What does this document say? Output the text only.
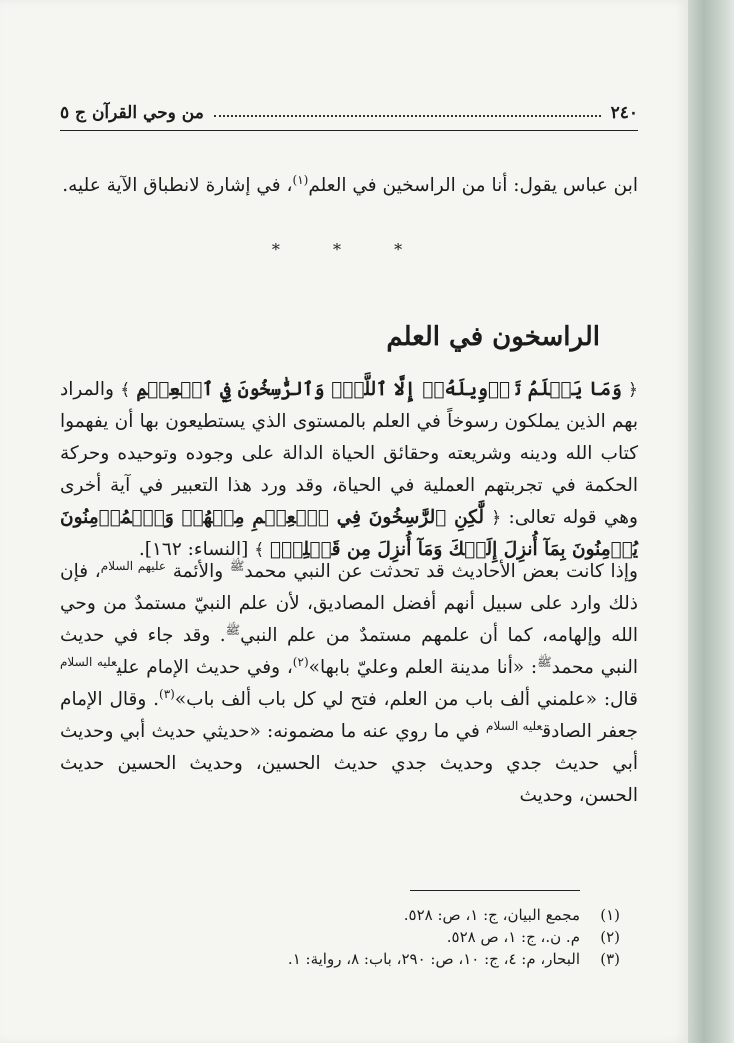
٢٤٠
من وحي القرآن ج ٥
ابن عباس يقول: أنا من الراسخين في العلم$^{(١)}$، في إشارة لانطباق الآية عليه.
* * *
الراسخون في العلم
﴿ وَمَا يَعۡلَمُ تَأۡوِيلَهُۥٓ إِلَّا ٱللَّهُۗ وَٱلرَّٰسِخُونَ فِي ٱلۡعِلۡمِ ﴾ والمراد بهم الذين يملكون رسوخاً في العلم بالمستوى الذي يستطيعون بها أن يفهموا كتاب الله ودينه وشريعته وحقائق الحياة الدالة على وجوده وتوحيده وحركة الحكمة في تجربتهم العملية في الحياة، وقد ورد هذا التعبير في آية أخرى وهي قوله تعالى: ﴿ لَّٰكِنِ ٱلرَّٰسِخُونَ فِي ٱلۡعِلۡمِ مِنۡهُمۡ وَٱلۡمُؤۡمِنُونَ يُؤۡمِنُونَ بِمَآ أُنزِلَ إِلَيۡكَ وَمَآ أُنزِلَ مِن قَبۡلِكَۚ ﴾ [النساء: ١٦٢].
وإذا كانت بعض الأحاديث قد تحدثت عن النبي محمد$^ﷺ$ والأئمة $^{عليهم السلام}$، فإن ذلك وارد على سبيل أنهم أفضل المصاديق، لأن علم النبيّ مستمدٌ من وحي الله وإلهامه، كما أن علمهم مستمدٌ من علم النبي$^ﷺ$. وقد جاء في حديث النبي محمد$^ﷺ$: «أنا مدينة العلم وعليّ بابها»$^{(٢)}$، وفي حديث الإمام علي$^{عليه السلام}$ قال: «علمني ألف باب من العلم، فتح لي كل باب ألف باب»$^{(٣)}$. وقال الإمام جعفر الصادق$^{عليه السلام}$ في ما روي عنه ما مضمونه: «حديثي حديث أبي وحديث أبي حديث جدي وحديث جدي حديث الحسين، وحديث الحسين حديث الحسن، وحديث
(١)مجمع البيان، ج: ١، ص: ٥٢٨.
(٢)م. ن.، ج: ١، ص ٥٢٨.
(٣)البحار، م: ٤، ج: ١٠، ص: ٢٩٠، باب: ٨، رواية: ١.
